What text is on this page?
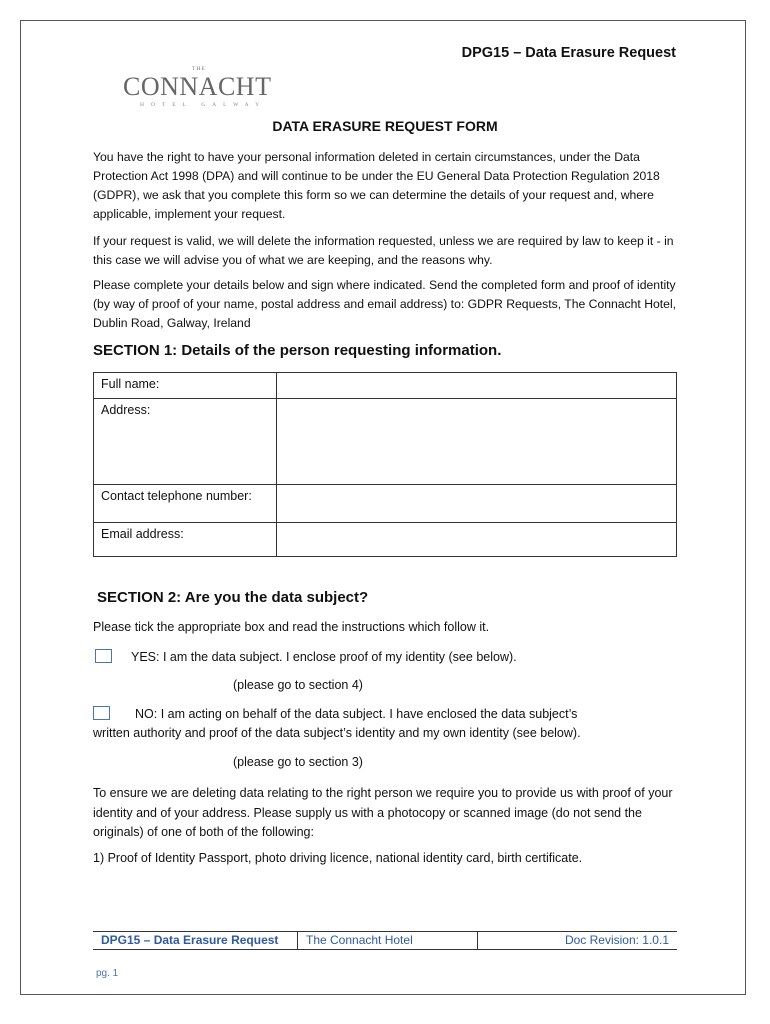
DPG15 – Data Erasure Request
THE
CONNACHT
HOTEL GALWAY
DATA ERASURE REQUEST FORM

You have the right to have your personal information deleted in certain circumstances, under the Data Protection Act 1998 (DPA) and will continue to be under the EU General Data Protection Regulation 2018 (GDPR), we ask that you complete this form so we can determine the details of your request and, where applicable, implement your request.

If your request is valid, we will delete the information requested, unless we are required by law to keep it - in this case we will advise you of what we are keeping, and the reasons why.

Please complete your details below and sign where indicated. Send the completed form and proof of identity (by way of proof of your name, postal address and email address) to: GDPR Requests, The Connacht Hotel, Dublin Road, Galway, Ireland

SECTION 1: Details of the person requesting information.
Full name:	
Address:	
Contact telephone number:	
Email address:	
SECTION 2: Are you the data subject?

Please tick the appropriate box and read the instructions which follow it.

YES: I am the data subject. I enclose proof of my identity (see below).

(please go to section 4)

NO: I am acting on behalf of the data subject. I have enclosed the data subject’s

written authority and proof of the data subject’s identity and my own identity (see below).

(please go to section 3)

To ensure we are deleting data relating to the right person we require you to provide us with proof of your identity and of your address. Please supply us with a photocopy or scanned image (do not send the originals) of one of both of the following:

1) Proof of Identity Passport, photo driving licence, national identity card, birth certificate.

DPG15 – Data Erasure Request	The Connacht Hotel	Doc Revision: 1.0.1
pg. 1
